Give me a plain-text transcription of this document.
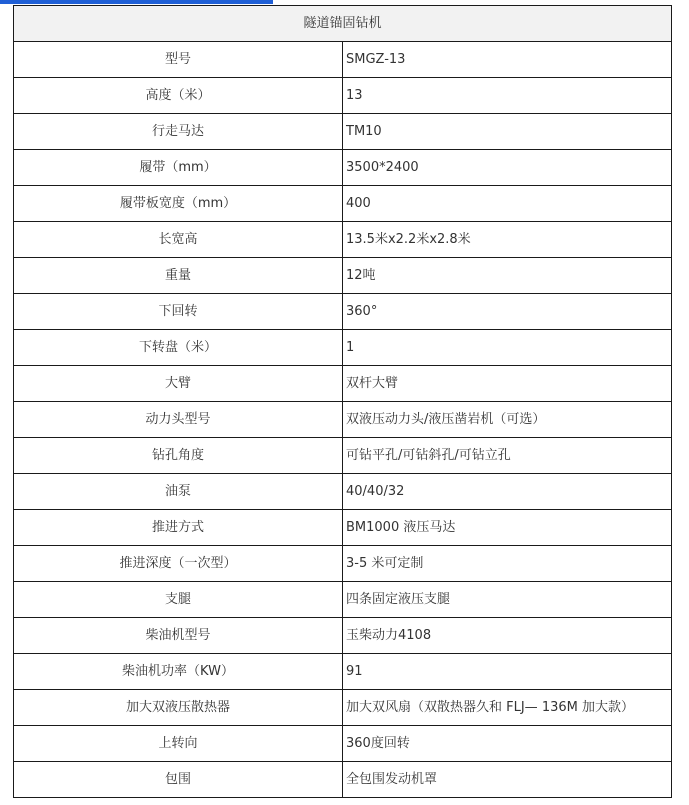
隧道锚固钻机	
型号	SMGZ-13
高度（米）	13
行走马达	TM10
履带（mm）	3500*2400
履带板宽度（mm）	400
长宽高	13.5米x2.2米x2.8米
重量	12吨
下回转	360°
下转盘（米）	1
大臂	双杆大臂
动力头型号	双液压动力头/液压凿岩机（可选）
钻孔角度	可钻平孔/可钻斜孔/可钻立孔
油泵	40/40/32
推进方式	BM1000 液压马达
推进深度（一次型）	3-5 米可定制
支腿	四条固定液压支腿
柴油机型号	玉柴动力4108
柴油机功率（KW）	91
加大双液压散热器	加大双风扇（双散热器久和 FLJ— 136M 加大款）
上转向	360度回转
包围	全包围发动机罩
